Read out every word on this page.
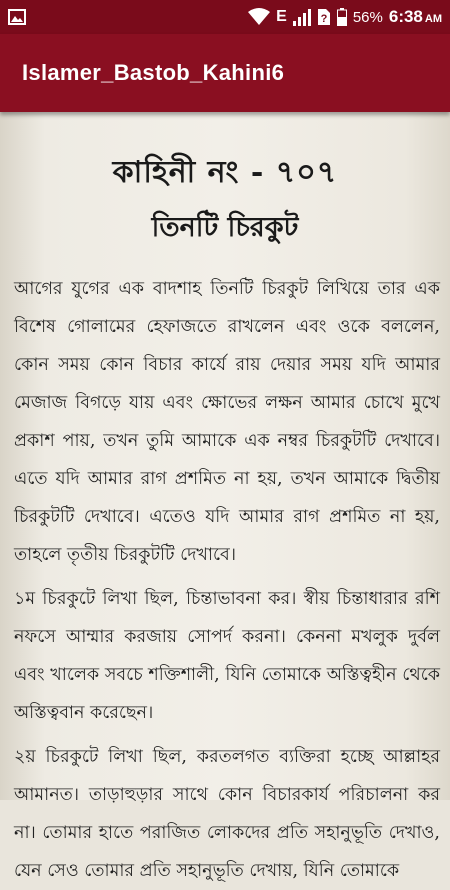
E	? 56% 6:38 AM
Islamer_Bastob_Kahini6
কাহিনী নং - ৭০৭
তিনটি চিরকুট

আগের যুগের এক বাদশাহ তিনটি চিরকুট লিখিয়ে তার এক বিশেষ গোলামের হেফাজতে রাখলেন এবং ওকে বললেন, কোন সময় কোন বিচার কার্যে রায় দেয়ার সময় যদি আমার মেজাজ বিগড়ে যায় এবং ক্ষোভের লক্ষন আমার চোখে মুখে প্রকাশ পায়, তখন তুমি আমাকে এক নম্বর চিরকুটটি দেখাবে।এতে যদি আমার রাগ প্রশমিত না হয়, তখন আমাকে দ্বিতীয় চিরকুটটি দেখাবে। এতেও যদি আমার রাগ প্রশমিত না হয়, তাহলে তৃতীয় চিরকুটটি দেখাবে।

১ম চিরকুটে লিখা ছিল, চিন্তাভাবনা কর। স্বীয় চিন্তাধারার রশি নফসে আম্মার করজায় সোপর্দ করনা। কেননা মখলুক দুর্বল এবং খালেক সবচে শক্তিশালী, যিনি তোমাকে অস্তিত্বহীন থেকে অস্তিত্ববান করেছেন।

২য় চিরকুটে লিখা ছিল, করতলগত ব্যক্তিরা হচ্ছে আল্লাহর আমানত। তাড়াহুড়ার সাথে কোন বিচারকার্য পরিচালনা কর না। তোমার হাতে পরাজিত লোকদের প্রতি সহানুভূতি দেখাও, যেন সেও তোমার প্রতি সহানুভূতি দেখায়, যিনি তোমাকে
